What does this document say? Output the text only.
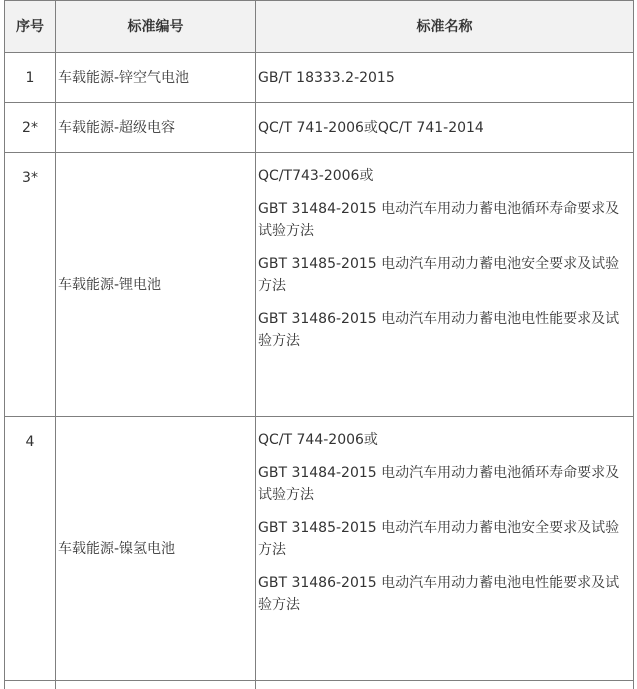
序号	标准编号	标准名称
1	车载能源-锌空气电池	GB/T 18333.2-2015

2*	车载能源-超级电容	QC/T 741-2006或QC/T 741-2014

3*	车载能源-锂电池	QC/T743-2006或

GBT 31484-2015 电动汽车用动力蓄电池循环寿命要求及试验方法

GBT 31485-2015 电动汽车用动力蓄电池安全要求及试验方法

GBT 31486-2015 电动汽车用动力蓄电池电性能要求及试验方法

4	车载能源-镍氢电池	QC/T 744-2006或

GBT 31484-2015 电动汽车用动力蓄电池循环寿命要求及试验方法

GBT 31485-2015 电动汽车用动力蓄电池安全要求及试验方法

GBT 31486-2015 电动汽车用动力蓄电池电性能要求及试验方法
